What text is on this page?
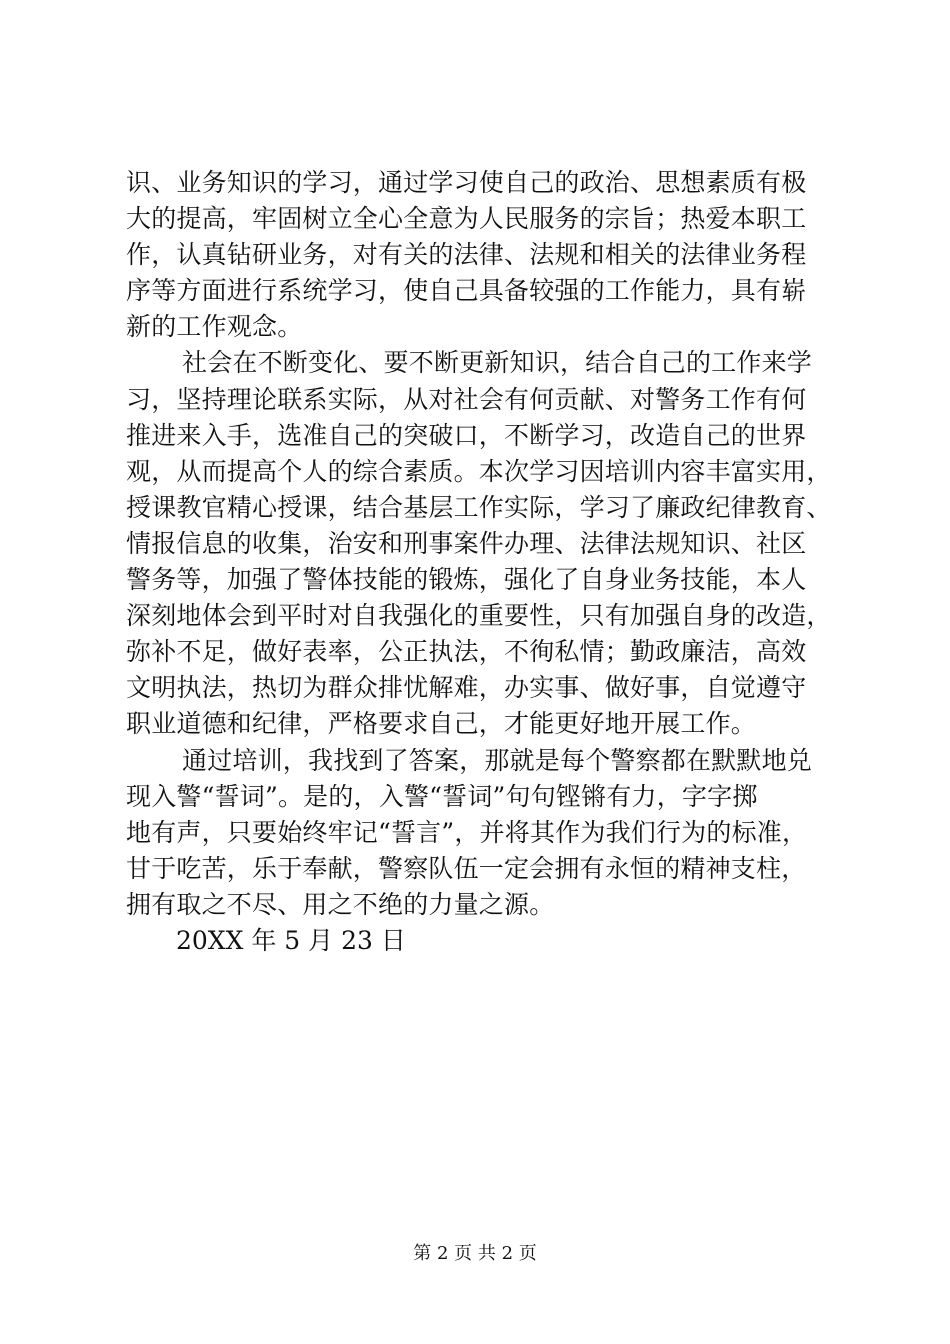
识、业务知识的学习，通过学习使自己的政治、思想素质有极
大的提高，牢固树立全心全意为人民服务的宗旨；热爱本职工
作，认真钻研业务，对有关的法律、法规和相关的法律业务程
序等方面进行系统学习，使自己具备较强的工作能力，具有崭
新的工作观念。
社会在不断变化、要不断更新知识，结合自己的工作来学
习，坚持理论联系实际，从对社会有何贡献、对警务工作有何
推进来入手，选准自己的突破口，不断学习，改造自己的世界
观，从而提高个人的综合素质。本次学习因培训内容丰富实用，
授课教官精心授课，结合基层工作实际，学习了廉政纪律教育、
情报信息的收集，治安和刑事案件办理、法律法规知识、社区
警务等，加强了警体技能的锻炼，强化了自身业务技能，本人
深刻地体会到平时对自我强化的重要性，只有加强自身的改造，
弥补不足，做好表率，公正执法，不徇私情；勤政廉洁，高效
文明执法，热切为群众排忧解难，办实事、做好事，自觉遵守
职业道德和纪律，严格要求自己，才能更好地开展工作。
通过培训，我找到了答案，那就是每个警察都在默默地兑
现入警“誓词”。是的，入警“誓词”句句铿锵有力，字字掷
地有声，只要始终牢记“誓言”，并将其作为我们行为的标准，
甘于吃苦，乐于奉献，警察队伍一定会拥有永恒的精神支柱，
拥有取之不尽、用之不绝的力量之源。
20XX 年 5 月 23 日
第 2 页 共 2 页
